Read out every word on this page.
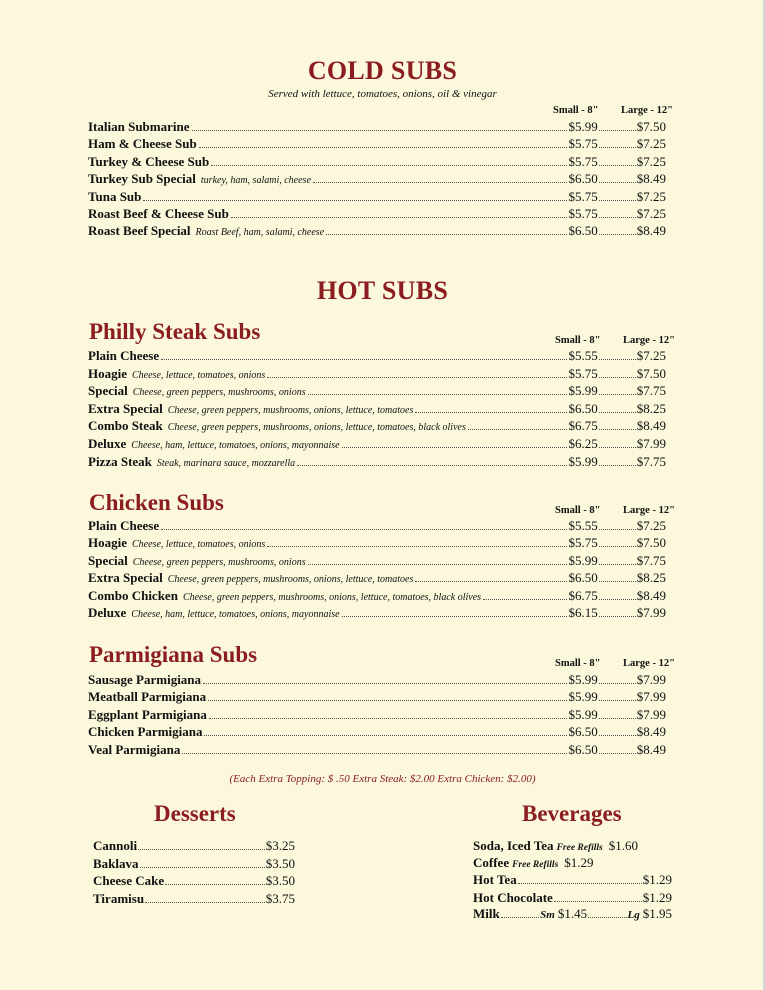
COLD SUBS
Served with lettuce, tomatoes, onions, oil & vinegar
Small - 8" Large - 12"
Italian Submarine	$5.99	$7.50
Ham & Cheese Sub	$5.75	$7.25
Turkey & Cheese Sub	$5.75	$7.25
Turkey Sub Special turkey, ham, salami, cheese	$6.50	$8.49
Tuna Sub	$5.75	$7.25
Roast Beef & Cheese Sub	$5.75	$7.25
Roast Beef Special Roast Beef, ham, salami, cheese	$6.50	$8.49
HOT SUBS
Philly Steak Subs	Small - 8" Large - 12"
Plain Cheese	$5.55	$7.25
Hoagie Cheese, lettuce, tomatoes, onions	$5.75	$7.50
Special Cheese, green peppers, mushrooms, onions	$5.99	$7.75
Extra Special Cheese, green peppers, mushrooms, onions, lettuce, tomatoes	$6.50	$8.25
Combo Steak Cheese, green peppers, mushrooms, onions, lettuce, tomatoes, black olives	$6.75	$8.49
Deluxe Cheese, ham, lettuce, tomatoes, onions, mayonnaise	$6.25	$7.99
Pizza Steak Steak, marinara sauce, mozzarella	$5.99	$7.75
Chicken Subs	Small - 8" Large - 12"
Plain Cheese	$5.55	$7.25
Hoagie Cheese, lettuce, tomatoes, onions	$5.75	$7.50
Special Cheese, green peppers, mushrooms, onions	$5.99	$7.75
Extra Special Cheese, green peppers, mushrooms, onions, lettuce, tomatoes	$6.50	$8.25
Combo Chicken Cheese, green peppers, mushrooms, onions, lettuce, tomatoes, black olives	$6.75	$8.49
Deluxe Cheese, ham, lettuce, tomatoes, onions, mayonnaise	$6.15	$7.99
Parmigiana Subs	Small - 8" Large - 12"
Sausage Parmigiana	$5.99	$7.99
Meatball Parmigiana	$5.99	$7.99
Eggplant Parmigiana	$5.99	$7.99
Chicken Parmigiana	$6.50	$8.49
Veal Parmigiana	$6.50	$8.49
(Each Extra Topping: $ .50 Extra Steak: $2.00 Extra Chicken: $2.00)
Desserts
Cannoli	$3.25
Baklava	$3.50
Cheese Cake	$3.50
Tiramisu	$3.75
Beverages
Soda, Iced Tea Free Refills $1.60
Coffee Free Refills $1.29
Hot Tea	$1.29
Hot Chocolate	$1.29
Milk	Sm $1.45	Lg $1.95
